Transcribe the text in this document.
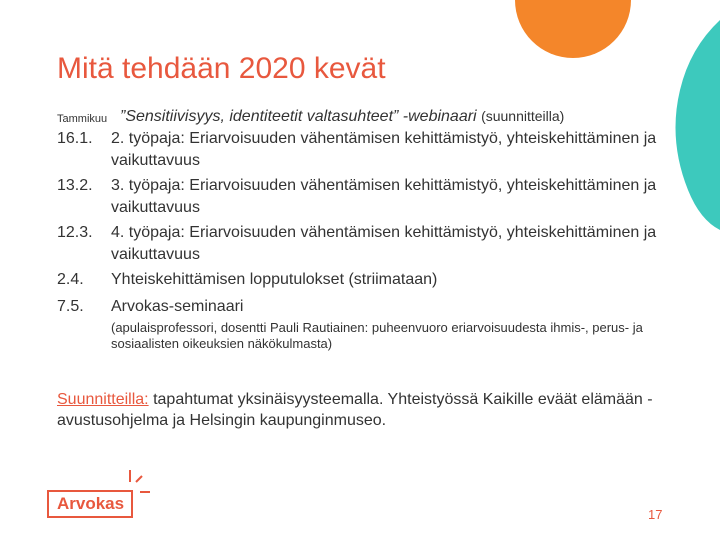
Mitä tehdään 2020 kevät
Tammikuu ”Sensitiivisyys, identiteetit valtasuhteet” -webinaari (suunnitteilla)
16.1. 2. työpaja: Eriarvoisuuden vähentämisen kehittämistyö, yhteiskehittäminen ja vaikuttavuus
13.2. 3. työpaja: Eriarvoisuuden vähentämisen kehittämistyö, yhteiskehittäminen ja vaikuttavuus
12.3. 4. työpaja: Eriarvoisuuden vähentämisen kehittämistyö, yhteiskehittäminen ja vaikuttavuus
2.4. Yhteiskehittämisen lopputulokset (striimataan)
7.5. Arvokas-seminaari
(apulaisprofessori, dosentti Pauli Rautiainen: puheenvuoro eriarvoisuudesta ihmis-, perus- ja sosiaalisten oikeuksien näkökulmasta)
Suunnitteilla: tapahtumat yksinäisyysteemalla. Yhteistyössä Kaikille eväät elämään -avustusohjelma ja Helsingin kaupunginmuseo.
Arvokas
17
